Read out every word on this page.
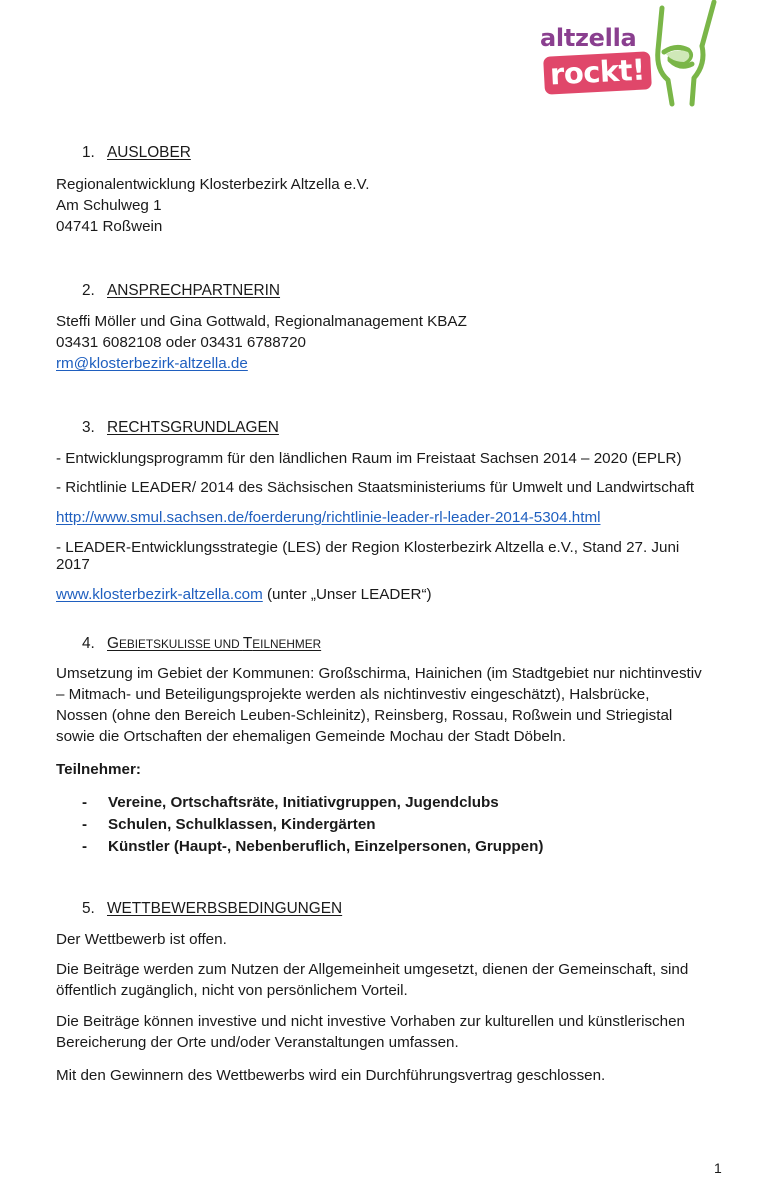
altzella
rockt!
1. AUSLOBER
Regionalentwicklung Klosterbezirk Altzella e.V.
Am Schulweg 1
04741 Roßwein
2. ANSPRECHPARTNERIN
Steffi Möller und Gina Gottwald, Regionalmanagement KBAZ
03431 6082108 oder 03431 6788720
rm@klosterbezirk-altzella.de
3. RECHTSGRUNDLAGEN
- Entwicklungsprogramm für den ländlichen Raum im Freistaat Sachsen 2014 – 2020 (EPLR)
- Richtlinie LEADER/ 2014 des Sächsischen Staatsministeriums für Umwelt und Landwirtschaft
http://www.smul.sachsen.de/foerderung/richtlinie-leader-rl-leader-2014-5304.html
- LEADER-Entwicklungsstrategie (LES) der Region Klosterbezirk Altzella e.V., Stand 27. Juni
2017
www.klosterbezirk-altzella.com (unter „Unser LEADER“)
4. GEBIETSKULISSE UND TEILNEHMER
Umsetzung im Gebiet der Kommunen: Großschirma, Hainichen (im Stadtgebiet nur nichtinvestiv
– Mitmach- und Beteiligungsprojekte werden als nichtinvestiv eingeschätzt), Halsbrücke,
Nossen (ohne den Bereich Leuben-Schleinitz), Reinsberg, Rossau, Roßwein und Striegistal
sowie die Ortschaften der ehemaligen Gemeinde Mochau der Stadt Döbeln.
Teilnehmer:
- Vereine, Ortschaftsräte, Initiativgruppen, Jugendclubs
- Schulen, Schulklassen, Kindergärten
- Künstler (Haupt-, Nebenberuflich, Einzelpersonen, Gruppen)
5. WETTBEWERBSBEDINGUNGEN
Der Wettbewerb ist offen.
Die Beiträge werden zum Nutzen der Allgemeinheit umgesetzt, dienen der Gemeinschaft, sind
öffentlich zugänglich, nicht von persönlichem Vorteil.
Die Beiträge können investive und nicht investive Vorhaben zur kulturellen und künstlerischen
Bereicherung der Orte und/oder Veranstaltungen umfassen.
Mit den Gewinnern des Wettbewerbs wird ein Durchführungsvertrag geschlossen.
1
